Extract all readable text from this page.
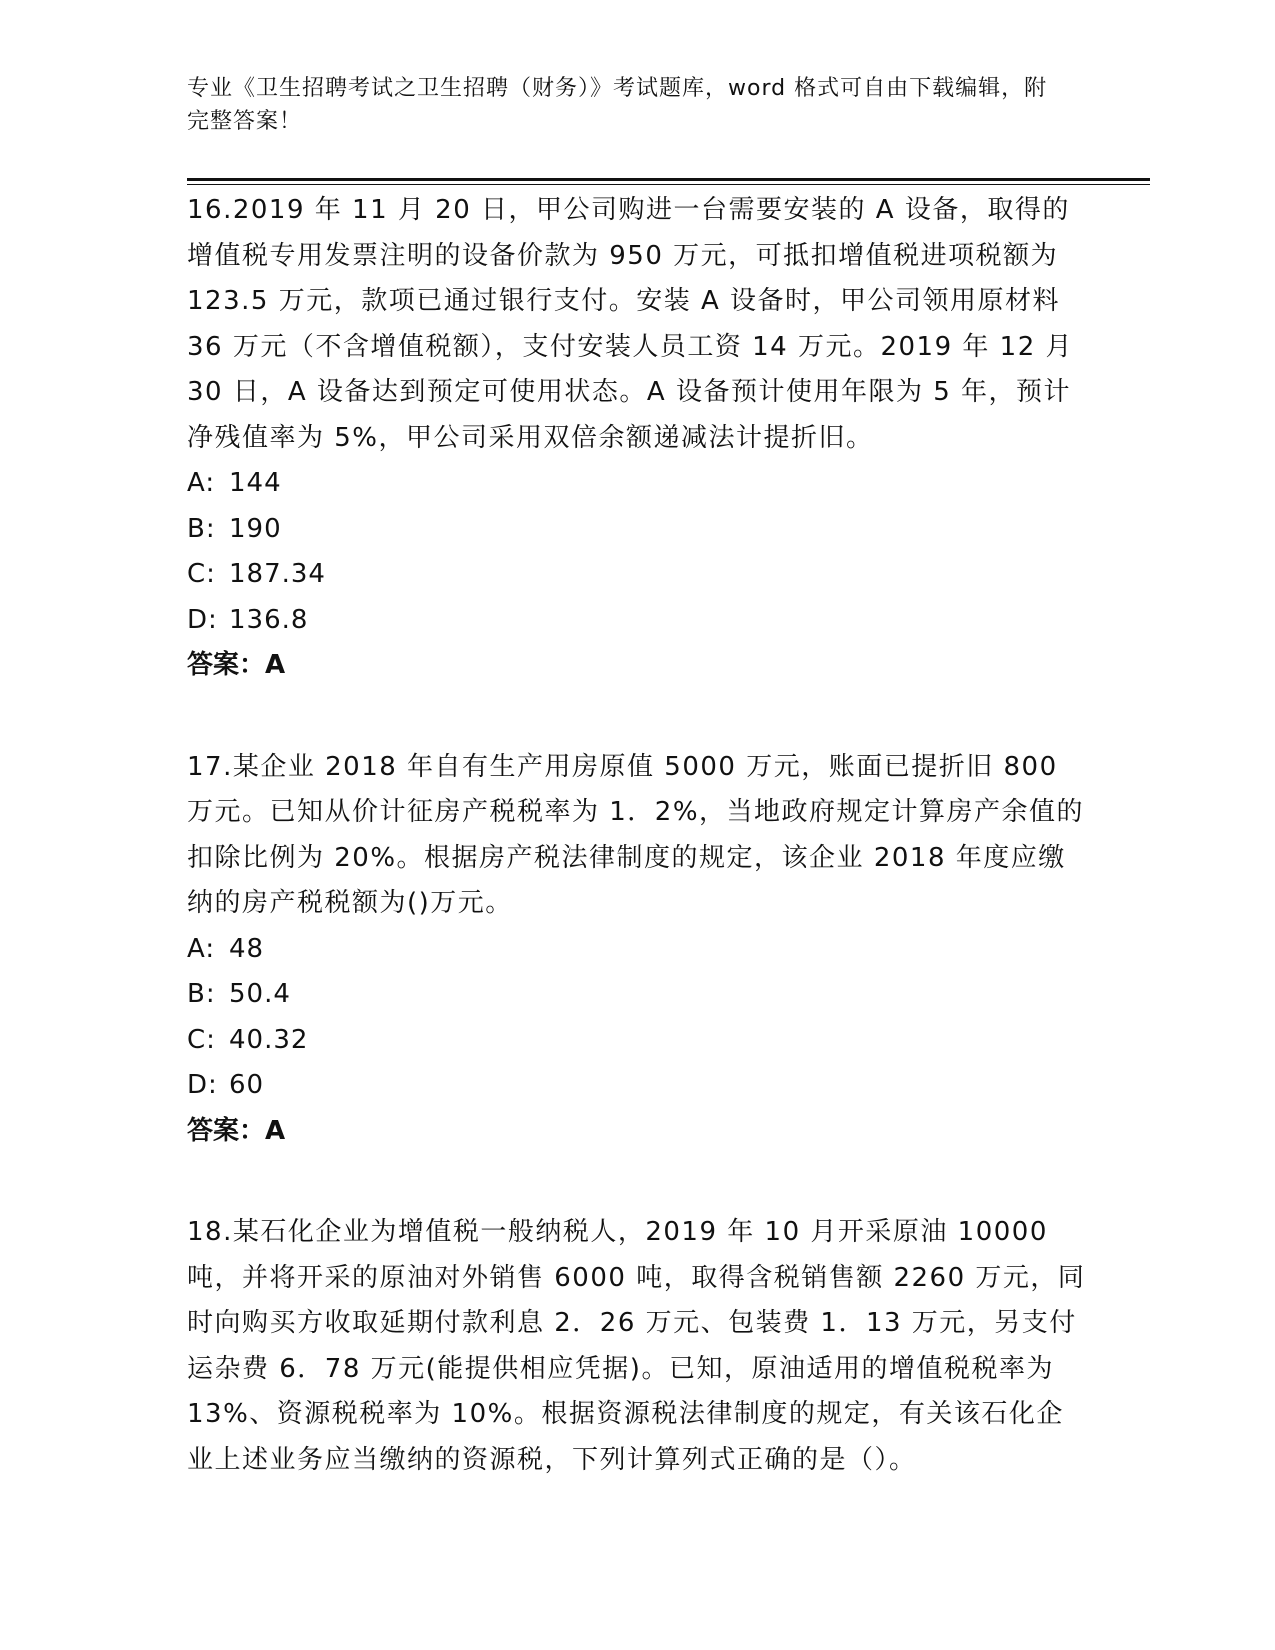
专业《卫生招聘考试之卫生招聘（财务）》考试题库，word 格式可自由下载编辑，附完整答案！

16.2019 年 11 月 20 日，甲公司购进一台需要安装的 A 设备，取得的增值税专用发票注明的设备价款为 950 万元，可抵扣增值税进项税额为 123.5 万元，款项已通过银行支付。安装 A 设备时，甲公司领用原材料 36 万元（不含增值税额），支付安装人员工资 14 万元。2019 年 12 月 30 日，A 设备达到预定可使用状态。A 设备预计使用年限为 5 年，预计净残值率为 5%，甲公司采用双倍余额递减法计提折旧。

A: 144
B: 190
C: 187.34
D: 136.8
答案：A

17.某企业 2018 年自有生产用房原值 5000 万元，账面已提折旧 800 万元。已知从价计征房产税税率为 1．2%，当地政府规定计算房产余值的扣除比例为 20%。根据房产税法律制度的规定，该企业 2018 年度应缴纳的房产税税额为()万元。

A: 48
B: 50.4
C: 40.32
D: 60
答案：A

18.某石化企业为增值税一般纳税人，2019 年 10 月开采原油 10000 吨，并将开采的原油对外销售 6000 吨，取得含税销售额 2260 万元，同时向购买方收取延期付款利息 2．26 万元、包装费 1．13 万元，另支付运杂费 6．78 万元(能提供相应凭据)。已知，原油适用的增值税税率为 13%、资源税税率为 10%。根据资源税法律制度的规定，有关该石化企业上述业务应当缴纳的资源税，下列计算列式正确的是（）。
